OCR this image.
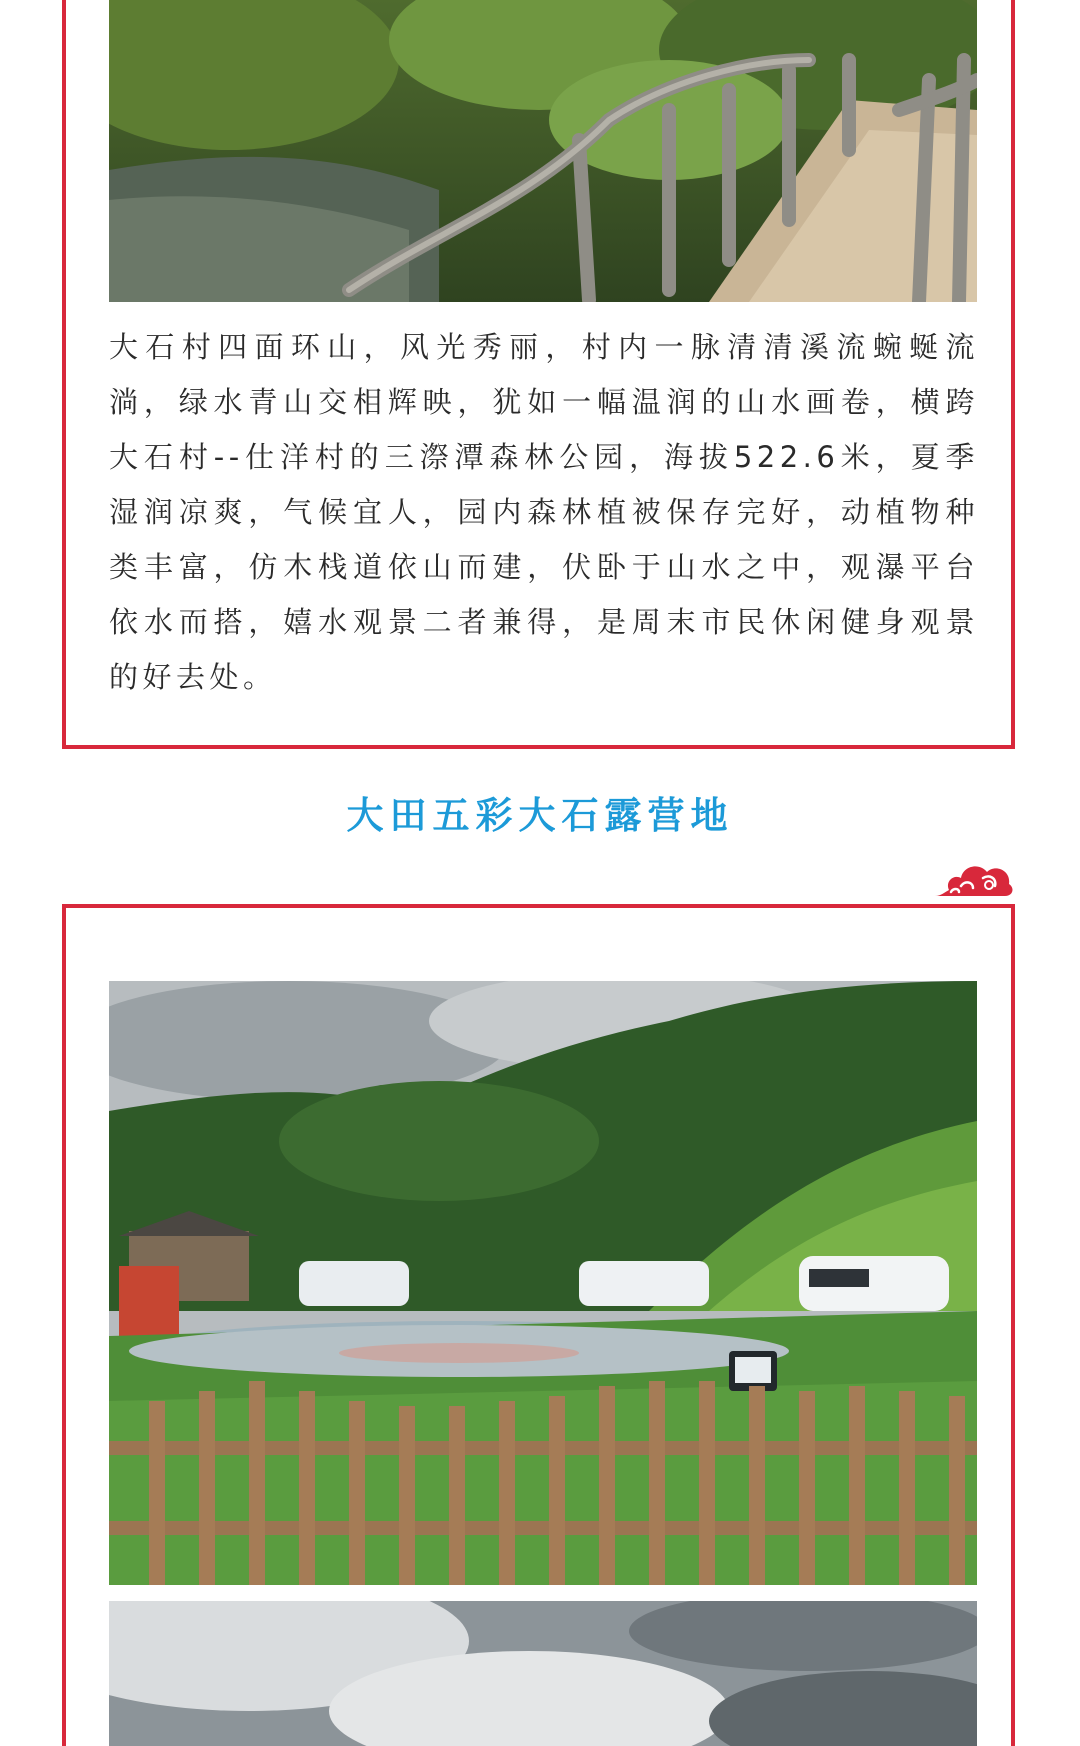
大石村四面环山，风光秀丽，村内一脉清清溪流蜿蜒流淌，绿水青山交相辉映，犹如一幅温润的山水画卷，横跨大石村--仕洋村的三漈潭森林公园，海拔522.6米，夏季湿润凉爽，气候宜人，园内森林植被保存完好，动植物种类丰富，仿木栈道依山而建，伏卧于山水之中，观瀑平台依水而搭，嬉水观景二者兼得，是周末市民休闲健身观景的好去处。
大田五彩大石露营地
